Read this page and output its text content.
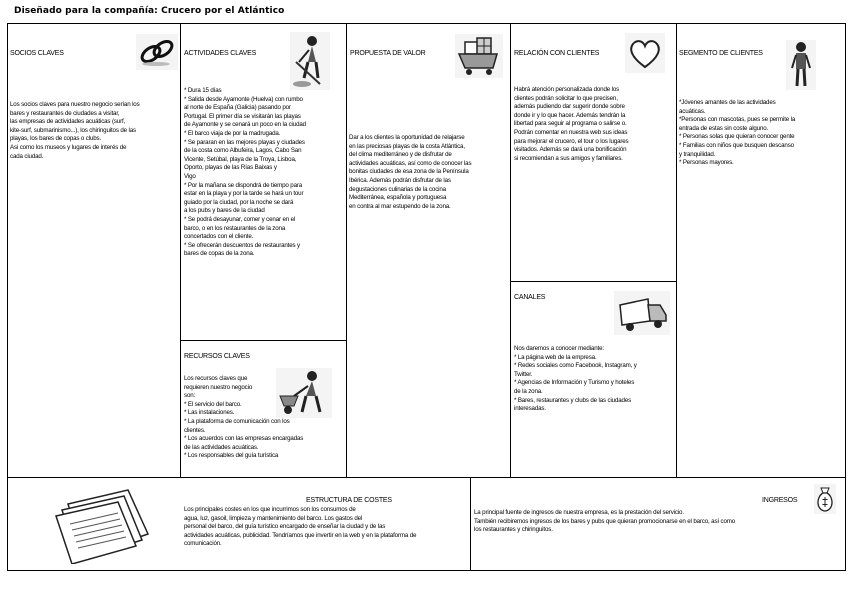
Diseñado para la compañía: Crucero por el Atlántico
SOCIOS CLAVES
Los socios claves para nuestro negocio serían los
bares y restaurantes de ciudades a visitar,
las empresas de actividades acuáticas (surf,
kite-surf, submarinismo...), los chiringuitos de las
playas, los bares de copas o clubs.
Asi como los museos y lugares de interés de
cada ciudad.
ACTIVIDADES CLAVES
* Dura 15 días
* Salida desde Ayamonte (Huelva) con rumbo
al norte de España (Galicia) pasando por
Portugal. El primer día se visitarán las playas
de Ayamonte y se cenará un poco en la ciudad
* El barco viaja de por la madrugada.
* Se pararan en las mejores playas y ciudades
de la costa como Albufeira, Lagos, Cabo San
Vicente, Setúbal, playa de la Troya, Lisboa,
Oporto, playas de las Rías Baixas y
Vigo
* Por la mañana se dispondrá de tiempo para
estar en la playa y por la tarde se hará un tour
guiado por la ciudad, por la noche se dará
a los pubs y bares de la ciudad
* Se podrá desayunar, comer y cenar en el
barco, o en los restaurantes de la zona
concertados con el cliente.
* Se ofrecerán descuentos de restaurantes y
bares de copas de la zona.
RECURSOS CLAVES
Los recursos claves que
requieren nuestro negocio
son:
* El servicio del barco.
* Las instalaciones.
* La plataforma de comunicación con los
clientes.
* Los acuerdos con las empresas encargadas
de las actividades acuáticas.
* Los responsables del guía turística
PROPUESTA DE VALOR
Dar a los clientes la oportunidad de relajarse
en las preciosas playas de la costa Atlántica,
del clima mediterráneo y de disfrutar de
actividades acuáticas, así como de conocer las
bonitas ciudades de esa zona de la Península
Ibérica. Además podrán disfrutar de las
degustaciones culinarias de la cocina
Mediterránea, española y portuguesa
en contra al mar estupendo de la zona.
RELACIÓN CON CLIENTES
Habrá atención personalizada donde los
clientes podrán solicitar lo que precisen,
además pudiendo dar sugerir donde sobre
donde ir y lo que hacer. Además tendrán la
libertad para seguir al programa o salirse o.
Podrán comentar en nuestra web sus ideas
para mejorar el crucero, el tour o los lugares
visitados. Además se dará una bonificación
si recomiendan a sus amigos y familiares.
CANALES
Nos daremos a conocer mediante:
* La página web de la empresa.
* Redes sociales como Facebook, Instagram, y
Twitter.
* Agencias de Información y Turismo y hoteles
de la zona.
* Bares, restaurantes y clubs de las ciudades
interesadas.
SEGMENTO DE CLIENTES
*Jóvenes amantes de las actividades
acuáticas.
*Personas con mascotas, pues se permite la
entrada de estas sin coste alguno.
* Personas solas que quieran conocer gente
* Familias con niños que busquen descanso
y tranquilidad.
* Personas mayores.
ESTRUCTURA DE COSTES
Los principales costes en los que incurrimos son los consumos de
agua, luz, gasoil, limpieza y mantenimiento del barco. Los gastos del
personal del barco, del guía turístico encargado de enseñar la ciudad y de las
actividades acuáticas, publicidad. Tendríamos que invertir en la web y en la plataforma de
comunicación.
INGRESOS
La principal fuente de ingresos de nuestra empresa, es la prestación del servicio.
También recibiremos ingresos de los bares y pubs que quieran promocionarse en el barco, así como
los restaurantes y chiringuitos.
